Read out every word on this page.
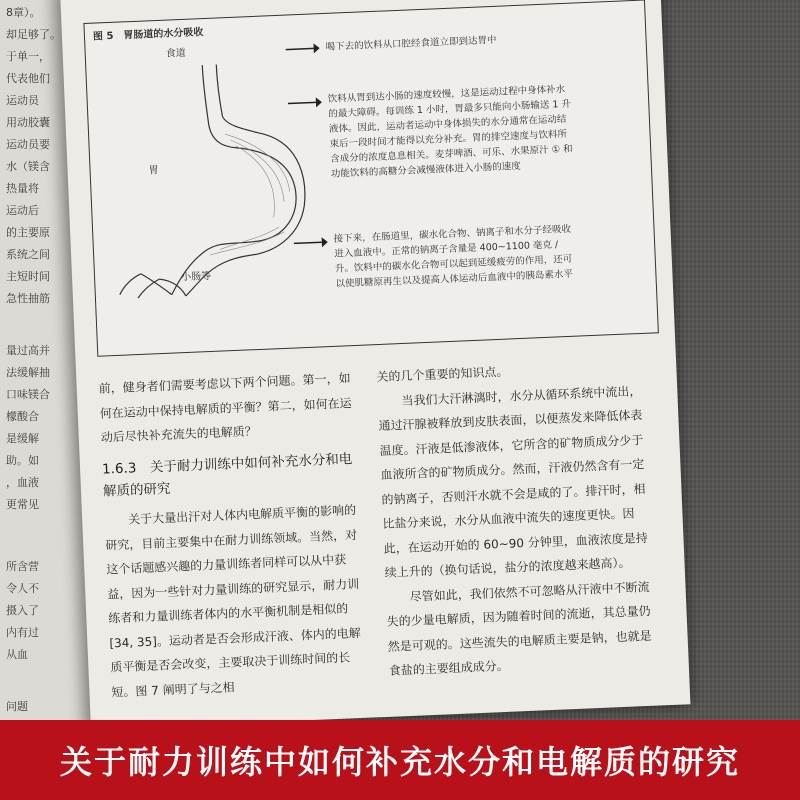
8章）。
却足够了。
于单一，
代表他们
运动员
用动胶囊
运动员要
水（镁含
热量将
运动后
的主要原
系统之间
主短时间
急性抽筋
量过高并
法缓解抽
口味镁合
檬酸合
是缓解
助。如
，血液
更常见
所含营
令人不
摄入了
内有过
从血
问题
图 5　胃肠道的水分吸收
食道
胃
小肠等
喝下去的饮料从口腔经食道立即到达胃中
饮料从胃到达小肠的速度较慢，这是运动过程中身体补水的最大障碍。每训练 1 小时，胃最多只能向小肠输送 1 升液体。因此，运动者运动中身体损失的水分通常在运动结束后一段时间才能得以充分补充。胃的排空速度与饮料所含成分的浓度息息相关。麦芽啤酒、可乐、水果原汁 ① 和功能饮料的高糖分会减慢液体进入小肠的速度
接下来，在肠道里，碳水化合物、钠离子和水分子经吸收进入血液中。正常的钠离子含量是 400~1100 毫克 / 升。饮料中的碳水化合物可以起到延缓疲劳的作用，还可以使肌糖原再生以及提高人体运动后血液中的胰岛素水平

前，健身者们需要考虑以下两个问题。第一，如何在运动中保持电解质的平衡？第二，如何在运动后尽快补充流失的电解质？

1.6.3　关于耐力训练中如何补充水分和电解质的研究

关于大量出汗对人体内电解质平衡的影响的研究，目前主要集中在耐力训练领域。当然，对这个话题感兴趣的力量训练者同样可以从中获益，因为一些针对力量训练的研究显示，耐力训练者和力量训练者体内的水平衡机制是相似的 [34, 35]。运动者是否会形成汗液、体内的电解质平衡是否会改变，主要取决于训练时间的长短。图 7 阐明了与之相

关的几个重要的知识点。

当我们大汗淋漓时，水分从循环系统中流出，通过汗腺被释放到皮肤表面，以便蒸发来降低体表温度。汗液是低渗液体，它所含的矿物质成分少于血液所含的矿物质成分。然而，汗液仍然含有一定的钠离子，否则汗水就不会是咸的了。排汗时，相比盐分来说，水分从血液中流失的速度更快。因此，在运动开始的 60~90 分钟里，血液浓度是持续上升的（换句话说，盐分的浓度越来越高）。

尽管如此，我们依然不可忽略从汗液中不断流失的少量电解质，因为随着时间的流逝，其总量仍然是可观的。这些流失的电解质主要是钠，也就是食盐的主要组成成分。

关于耐力训练中如何补充水分和电解质的研究
